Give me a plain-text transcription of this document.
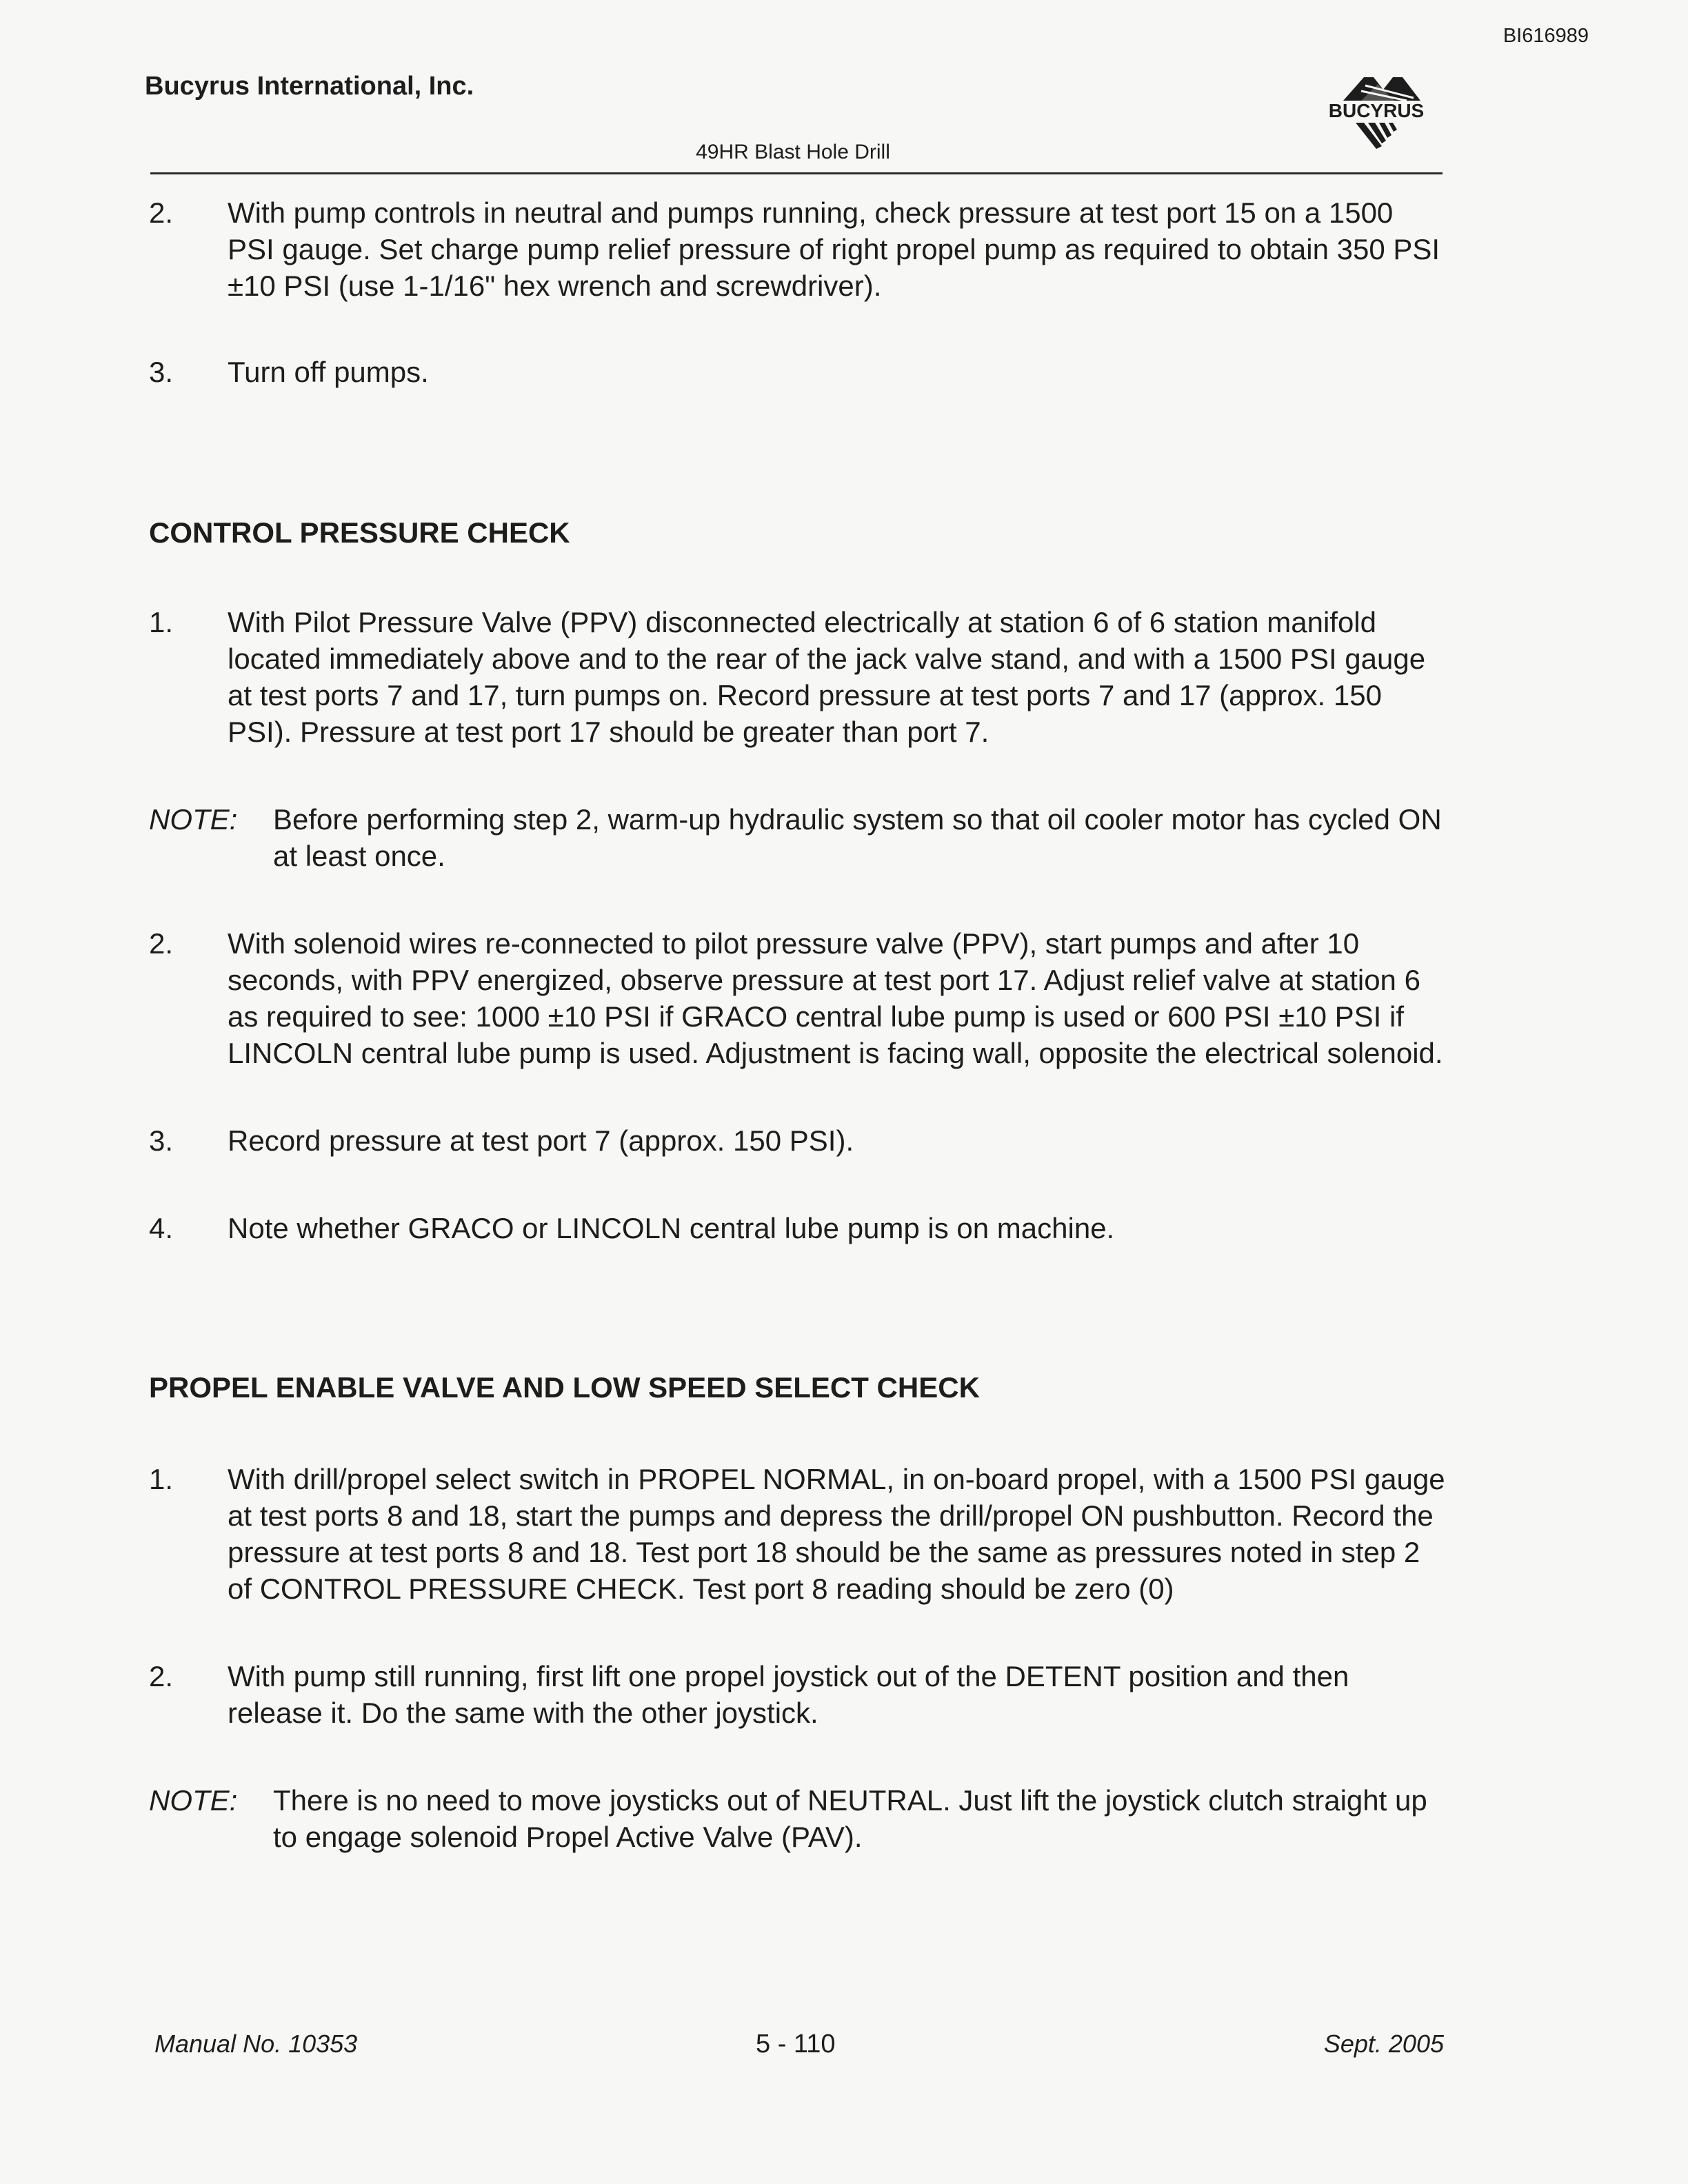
BI616989
Bucyrus International, Inc.
BUCYRUS
49HR Blast Hole Drill

2. With pump controls in neutral and pumps running, check pressure at test port 15 on a 1500 PSI gauge. Set charge pump relief pressure of right propel pump as required to obtain 350 PSI ±10 PSI (use 1-1/16" hex wrench and screwdriver).

3. Turn off pumps.

CONTROL PRESSURE CHECK

1. With Pilot Pressure Valve (PPV) disconnected electrically at station 6 of 6 station manifold located immediately above and to the rear of the jack valve stand, and with a 1500 PSI gauge at test ports 7 and 17, turn pumps on. Record pressure at test ports 7 and 17 (approx. 150 PSI). Pressure at test port 17 should be greater than port 7.

NOTE: Before performing step 2, warm-up hydraulic system so that oil cooler motor has cycled ON at least once.

2. With solenoid wires re-connected to pilot pressure valve (PPV), start pumps and after 10 seconds, with PPV energized, observe pressure at test port 17. Adjust relief valve at station 6 as required to see: 1000 ±10 PSI if GRACO central lube pump is used or 600 PSI ±10 PSI if LINCOLN central lube pump is used. Adjustment is facing wall, opposite the electrical solenoid.

3. Record pressure at test port 7 (approx. 150 PSI).

4. Note whether GRACO or LINCOLN central lube pump is on machine.

PROPEL ENABLE VALVE AND LOW SPEED SELECT CHECK

1. With drill/propel select switch in PROPEL NORMAL, in on-board propel, with a 1500 PSI gauge at test ports 8 and 18, start the pumps and depress the drill/propel ON pushbutton. Record the pressure at test ports 8 and 18. Test port 18 should be the same as pressures noted in step 2 of CONTROL PRESSURE CHECK. Test port 8 reading should be zero (0)

2. With pump still running, first lift one propel joystick out of the DETENT position and then release it. Do the same with the other joystick.

NOTE: There is no need to move joysticks out of NEUTRAL. Just lift the joystick clutch straight up to engage solenoid Propel Active Valve (PAV).

Manual No. 10353	5 - 110	Sept. 2005
